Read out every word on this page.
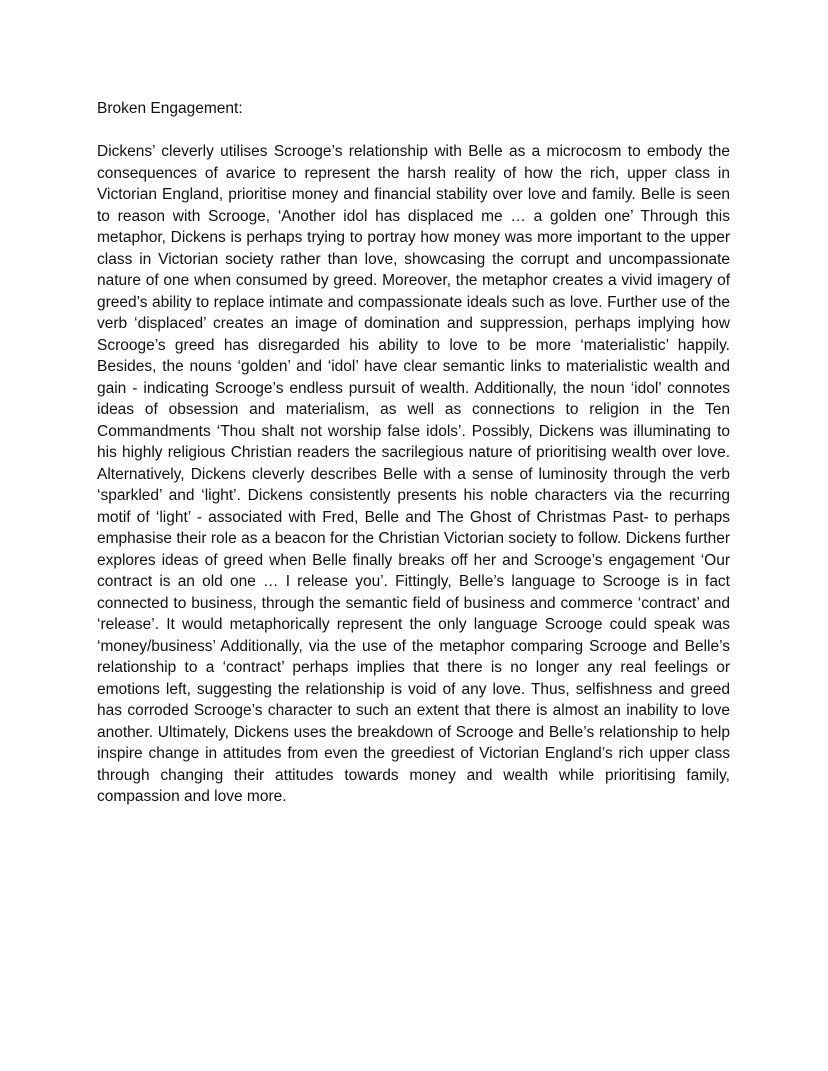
Broken Engagement:

Dickens’ cleverly utilises Scrooge’s relationship with Belle as a microcosm to embody the consequences of avarice to represent the harsh reality of how the rich, upper class in Victorian England, prioritise money and financial stability over love and family. Belle is seen to reason with Scrooge, ‘Another idol has displaced me … a golden one’ Through this metaphor, Dickens is perhaps trying to portray how money was more important to the upper class in Victorian society rather than love, showcasing the corrupt and uncompassionate nature of one when consumed by greed. Moreover, the metaphor creates a vivid imagery of greed’s ability to replace intimate and compassionate ideals such as love. Further use of the verb ‘displaced’ creates an image of domination and suppression, perhaps implying how Scrooge’s greed has disregarded his ability to love to be more ‘materialistic’ happily. Besides, the nouns ‘golden’ and ‘idol’ have clear semantic links to materialistic wealth and gain - indicating Scrooge’s endless pursuit of wealth. Additionally, the noun ‘idol’ connotes ideas of obsession and materialism, as well as connections to religion in the Ten Commandments ‘Thou shalt not worship false idols’. Possibly, Dickens was illuminating to his highly religious Christian readers the sacrilegious nature of prioritising wealth over love. Alternatively, Dickens cleverly describes Belle with a sense of luminosity through the verb ‘sparkled’ and ‘light’. Dickens consistently presents his noble characters via the recurring motif of ‘light’ - associated with Fred, Belle and The Ghost of Christmas Past- to perhaps emphasise their role as a beacon for the Christian Victorian society to follow. Dickens further explores ideas of greed when Belle finally breaks off her and Scrooge’s engagement ‘Our contract is an old one … I release you’. Fittingly, Belle’s language to Scrooge is in fact connected to business, through the semantic field of business and commerce ‘contract’ and ‘release’. It would metaphorically represent the only language Scrooge could speak was ‘money/business’ Additionally, via the use of the metaphor comparing Scrooge and Belle’s relationship to a ‘contract’ perhaps implies that there is no longer any real feelings or emotions left, suggesting the relationship is void of any love. Thus, selfishness and greed has corroded Scrooge’s character to such an extent that there is almost an inability to love another. Ultimately, Dickens uses the breakdown of Scrooge and Belle’s relationship to help inspire change in attitudes from even the greediest of Victorian England’s rich upper class through changing their attitudes towards money and wealth while prioritising family, compassion and love more.
